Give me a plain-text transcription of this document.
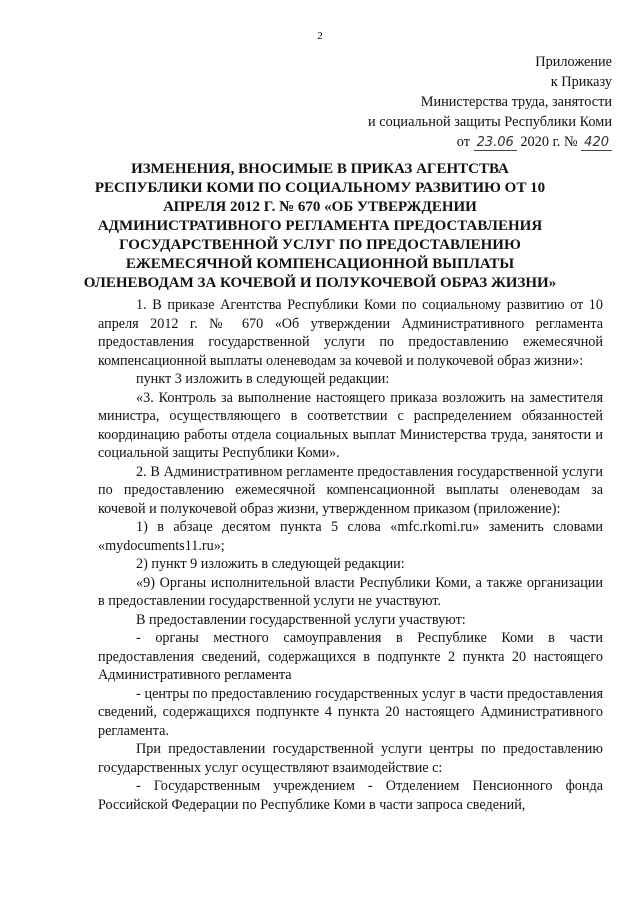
2
Приложение
к Приказу
Министерства труда, занятости
и социальной защиты Республики Коми
от 23.06 2020 г. № 420
ИЗМЕНЕНИЯ, ВНОСИМЫЕ В ПРИКАЗ АГЕНТСТВА РЕСПУБЛИКИ КОМИ ПО СОЦИАЛЬНОМУ РАЗВИТИЮ ОТ 10 АПРЕЛЯ 2012 Г. № 670 «ОБ УТВЕРЖДЕНИИ АДМИНИСТРАТИВНОГО РЕГЛАМЕНТА ПРЕДОСТАВЛЕНИЯ ГОСУДАРСТВЕННОЙ УСЛУГ ПО ПРЕДОСТАВЛЕНИЮ ЕЖЕМЕСЯЧНОЙ КОМПЕНСАЦИОННОЙ ВЫПЛАТЫ ОЛЕНЕВОДАМ ЗА КОЧЕВОЙ И ПОЛУКОЧЕВОЙ ОБРАЗ ЖИЗНИ»

1. В приказе Агентства Республики Коми по социальному развитию от 10 апреля 2012 г. № 670 «Об утверждении Административного регламента предоставления государственной услуги по предоставлению ежемесячной компенсационной выплаты оленеводам за кочевой и полукочевой образ жизни»:

пункт 3 изложить в следующей редакции:

«3. Контроль за выполнение настоящего приказа возложить на заместителя министра, осуществляющего в соответствии с распределением обязанностей координацию работы отдела социальных выплат Министерства труда, занятости и социальной защиты Республики Коми».

2. В Административном регламенте предоставления государственной услуги по предоставлению ежемесячной компенсационной выплаты оленеводам за кочевой и полукочевой образ жизни, утвержденном приказом (приложение):

1) в абзаце десятом пункта 5 слова «mfc.rkomi.ru» заменить словами «mydocuments11.ru»;

2) пункт 9 изложить в следующей редакции:

«9) Органы исполнительной власти Республики Коми, а также организации в предоставлении государственной услуги не участвуют.

В предоставлении государственной услуги участвуют:

- органы местного самоуправления в Республике Коми в части предоставления сведений, содержащихся в подпункте 2 пункта 20 настоящего Административного регламента

- центры по предоставлению государственных услуг в части предоставления сведений, содержащихся подпункте 4 пункта 20 настоящего Административного регламента.

При предоставлении государственной услуги центры по предоставлению государственных услуг осуществляют взаимодействие с:

- Государственным учреждением - Отделением Пенсионного фонда Российской Федерации по Республике Коми в части запроса сведений,
